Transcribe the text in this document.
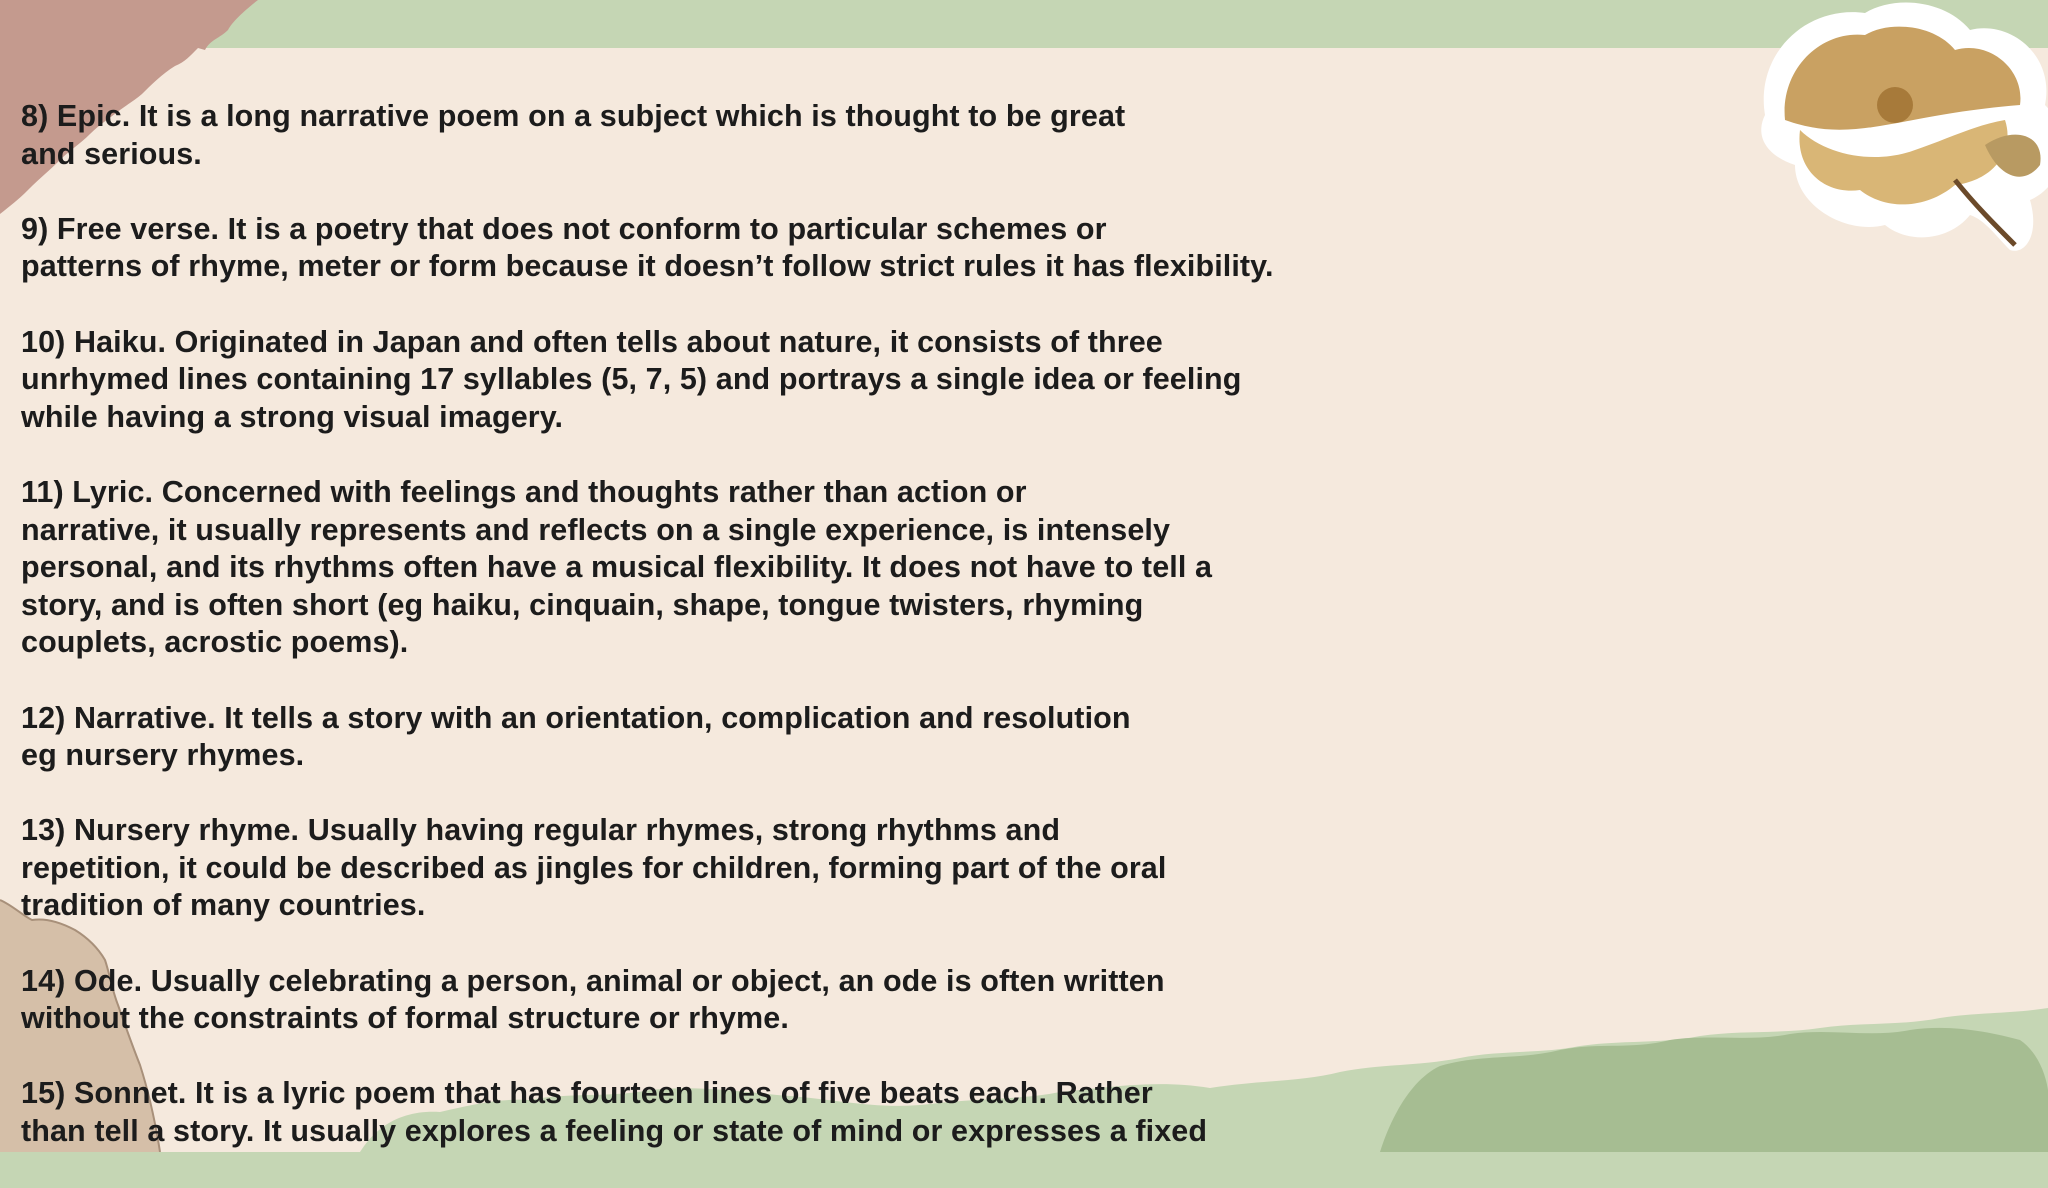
8) Epic. It is a long narrative poem on a subject which is thought to be great
and serious.

9) Free verse. It is a poetry that does not conform to particular schemes or
patterns of rhyme, meter or form because it doesn’t follow strict rules it has flexibility.

10) Haiku. Originated in Japan and often tells about nature, it consists of three
unrhymed lines containing 17 syllables (5, 7, 5) and portrays a single idea or feeling
while having a strong visual imagery.

11) Lyric. Concerned with feelings and thoughts rather than action or
narrative, it usually represents and reflects on a single experience, is intensely
personal, and its rhythms often have a musical flexibility. It does not have to tell a
story, and is often short (eg haiku, cinquain, shape, tongue twisters, rhyming
couplets, acrostic poems).

12) Narrative. It tells a story with an orientation, complication and resolution
eg nursery rhymes.

13) Nursery rhyme. Usually having regular rhymes, strong rhythms and
repetition, it could be described as jingles for children, forming part of the oral
tradition of many countries.

14) Ode. Usually celebrating a person, animal or object, an ode is often written
without the constraints of formal structure or rhyme.

15) Sonnet. It is a lyric poem that has fourteen lines of five beats each. Rather
than tell a story. It usually explores a feeling or state of mind or expresses a fixed
